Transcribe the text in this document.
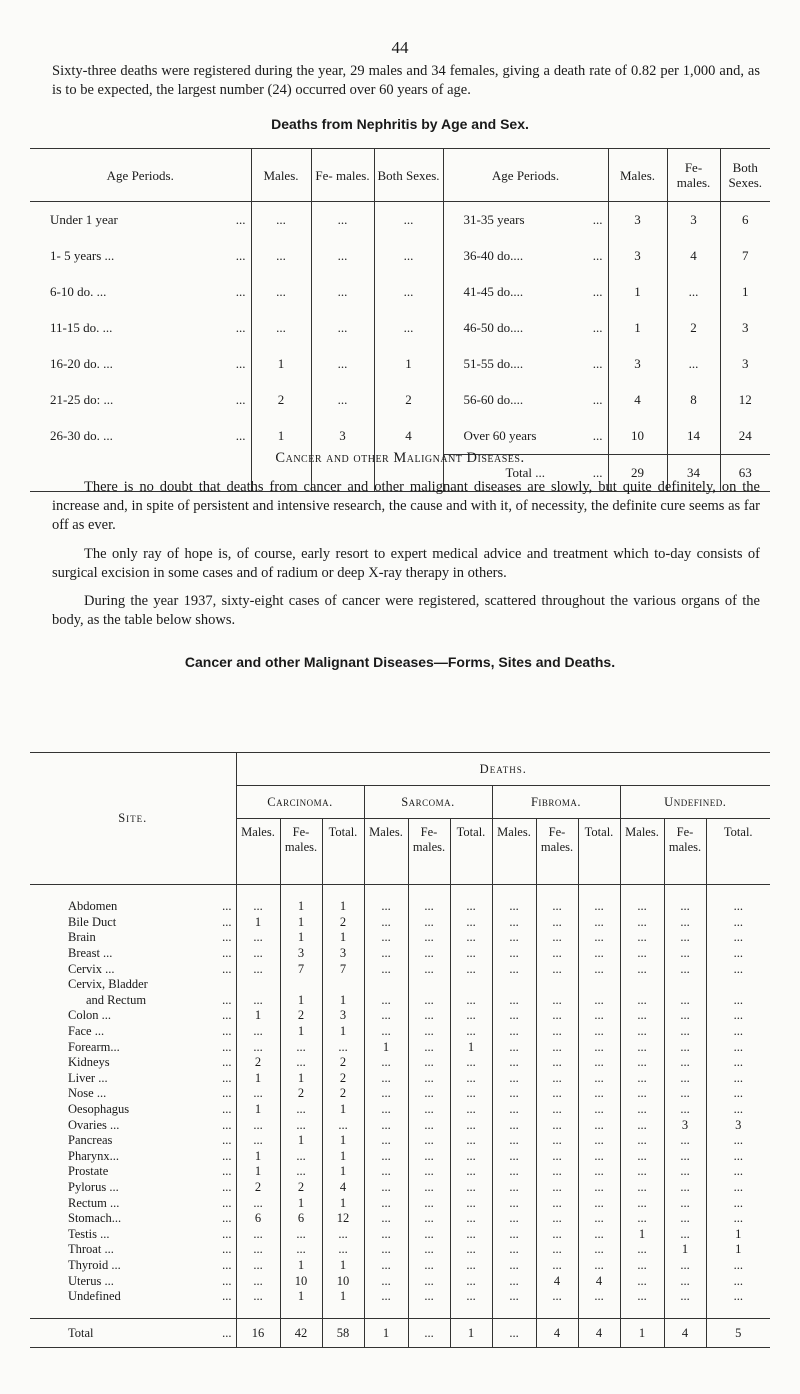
44
Sixty-three deaths were registered during the year, 29 males and 34 females, giving a death rate of 0.82 per 1,000 and, as is to be expected, the largest number (24) occurred over 60 years of age.
Deaths from Nephritis by Age and Sex.
Age Periods.	Males.	Fe- males.	Both Sexes.	Age Periods.	Males.	Fe- males.	Both Sexes.
Under 1 year ...	...	...	...	31-35 years ...	3	3	6
1- 5 years ... ...	...	...	...	36-40 do.... ...	3	4	7
6-10 do. ... ...	...	...	...	41-45 do.... ...	1	...	1
11-15 do. ... ...	...	...	...	46-50 do.... ...	1	2	3
16-20 do. ... ...	1	...	1	51-55 do.... ...	3	...	3
21-25 do: ... ...	2	...	2	56-60 do.... ...	4	8	12
26-30 do. ... ...	1	3	4	Over 60 years ...	10	14	24
				Total ... ...	29	34	63
Cancer and other Malignant Diseases.
There is no doubt that deaths from cancer and other malignant diseases are slowly, but quite definitely, on the increase and, in spite of persistent and intensive research, the cause and with it, of necessity, the definite cure seems as far off as ever.
The only ray of hope is, of course, early resort to expert medical advice and treatment which to-day consists of surgical excision in some cases and of radium or deep X-ray therapy in others.
During the year 1937, sixty-eight cases of cancer were registered, scattered throughout the various organs of the body, as the table below shows.
Cancer and other Malignant Diseases—Forms, Sites and Deaths.
Site.	Deaths.											
	Carcinoma.			Sarcoma.			Fibroma.			Undefined.		
	Males.	Fe- males.	Total.	Males.	Fe- males.	Total.	Males.	Fe- males.	Total.	Males.	Fe- males.	Total.

Abdomen ...	...	1	1	...	...	...	...	...	...	...	...	...
Bile Duct ...	1	1	2	...	...	...	...	...	...	...	...	...
Brain ...	...	1	1	...	...	...	...	...	...	...	...	...
Breast ... ...	...	3	3	...	...	...	...	...	...	...	...	...
Cervix ... ...	...	7	7	...	...	...	...	...	...	...	...	...
Cervix, Bladder												
and Rectum ...	...	1	1	...	...	...	...	...	...	...	...	...
Colon ... ...	1	2	3	...	...	...	...	...	...	...	...	...
Face ... ...	...	1	1	...	...	...	...	...	...	...	...	...
Forearm... ...	...	...	...	1	...	1	...	...	...	...	...	...
Kidneys ...	2	...	2	...	...	...	...	...	...	...	...	...
Liver ... ...	1	1	2	...	...	...	...	...	...	...	...	...
Nose ... ...	...	2	2	...	...	...	...	...	...	...	...	...
Oesophagus ...	1	...	1	...	...	...	...	...	...	...	...	...
Ovaries ... ...	...	...	...	...	...	...	...	...	...	...	3	3
Pancreas ...	...	1	1	...	...	...	...	...	...	...	...	...
Pharynx... ...	1	...	1	...	...	...	...	...	...	...	...	...
Prostate ...	1	...	1	...	...	...	...	...	...	...	...	...
Pylorus ... ...	2	2	4	...	...	...	...	...	...	...	...	...
Rectum ... ...	...	1	1	...	...	...	...	...	...	...	...	...
Stomach... ...	6	6	12	...	...	...	...	...	...	...	...	...
Testis ... ...	...	...	...	...	...	...	...	...	...	1	...	1
Throat ... ...	...	...	...	...	...	...	...	...	...	...	1	1
Thyroid ... ...	...	1	1	...	...	...	...	...	...	...	...	...
Uterus ... ...	...	10	10	...	...	...	...	4	4	...	...	...
Undefined ...	...	1	1	...	...	...	...	...	...	...	...	...

Total ...	16	42	58	1	...	1	...	4	4	1	4	5
